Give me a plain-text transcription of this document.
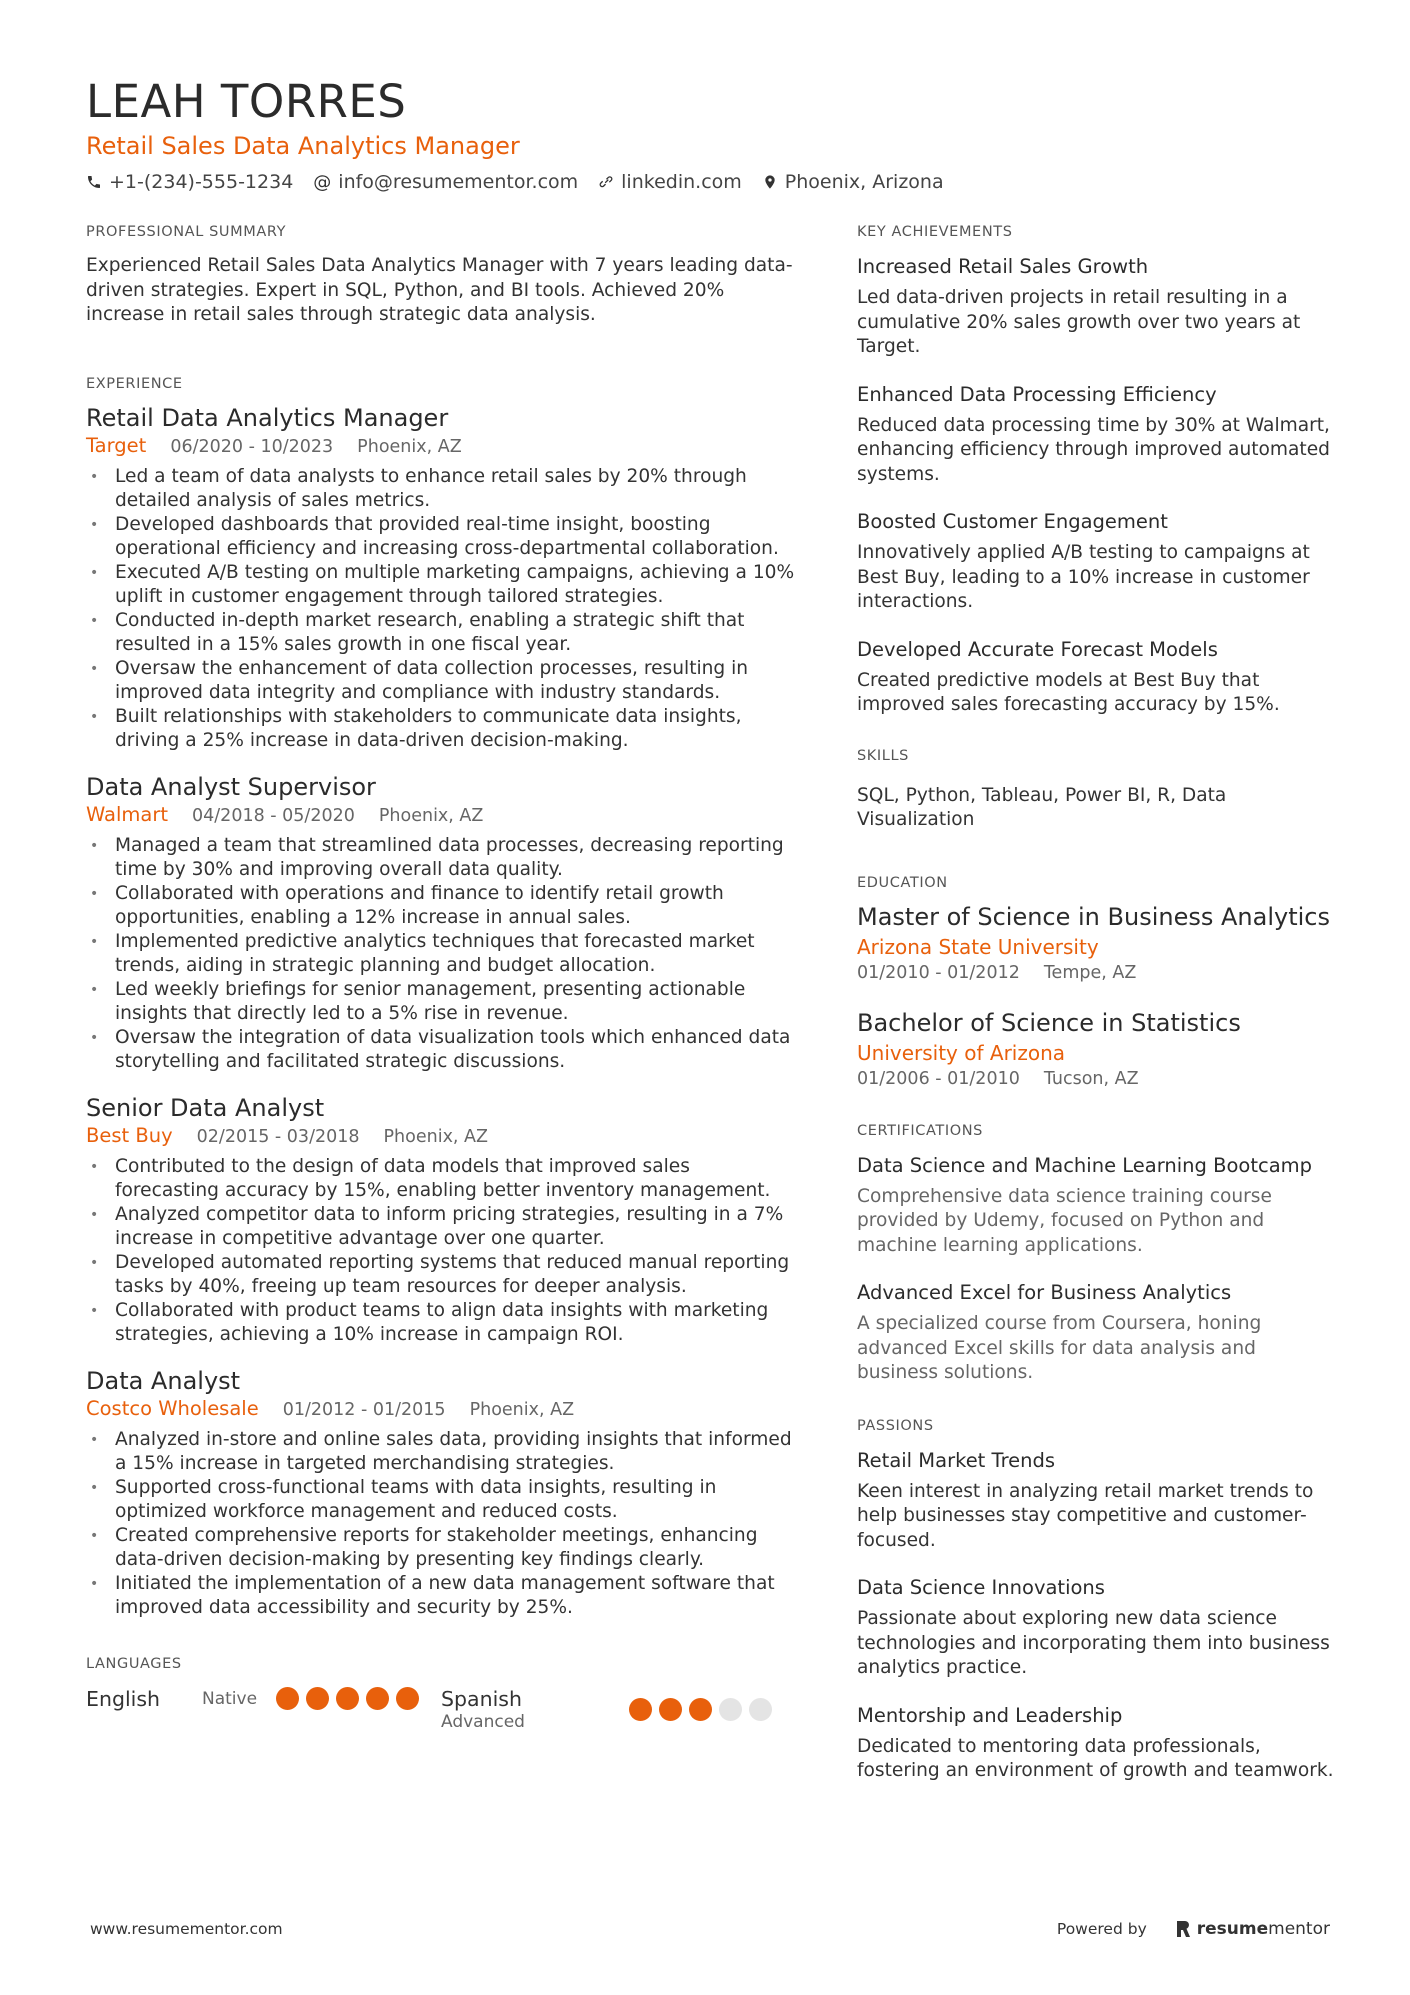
LEAH TORRES
Retail Sales Data Analytics Manager
+1-(234)-555-1234 @ info@resumementor.com linkedin.com Phoenix, Arizona
PROFESSIONAL SUMMARY
Experienced Retail Sales Data Analytics Manager with 7 years leading data-driven strategies. Expert in SQL, Python, and BI tools. Achieved 20% increase in retail sales through strategic data analysis.
EXPERIENCE
Retail Data Analytics Manager
Target 06/2020 - 10/2023 Phoenix, AZ
• Led a team of data analysts to enhance retail sales by 20% through detailed analysis of sales metrics.
• Developed dashboards that provided real-time insight, boosting operational efficiency and increasing cross-departmental collaboration.
• Executed A/B testing on multiple marketing campaigns, achieving a 10% uplift in customer engagement through tailored strategies.
• Conducted in-depth market research, enabling a strategic shift that resulted in a 15% sales growth in one fiscal year.
• Oversaw the enhancement of data collection processes, resulting in improved data integrity and compliance with industry standards.
• Built relationships with stakeholders to communicate data insights, driving a 25% increase in data-driven decision-making.
Data Analyst Supervisor
Walmart 04/2018 - 05/2020 Phoenix, AZ
• Managed a team that streamlined data processes, decreasing reporting time by 30% and improving overall data quality.
• Collaborated with operations and finance to identify retail growth opportunities, enabling a 12% increase in annual sales.
• Implemented predictive analytics techniques that forecasted market trends, aiding in strategic planning and budget allocation.
• Led weekly briefings for senior management, presenting actionable insights that directly led to a 5% rise in revenue.
• Oversaw the integration of data visualization tools which enhanced data storytelling and facilitated strategic discussions.
Senior Data Analyst
Best Buy 02/2015 - 03/2018 Phoenix, AZ
• Contributed to the design of data models that improved sales forecasting accuracy by 15%, enabling better inventory management.
• Analyzed competitor data to inform pricing strategies, resulting in a 7% increase in competitive advantage over one quarter.
• Developed automated reporting systems that reduced manual reporting tasks by 40%, freeing up team resources for deeper analysis.
• Collaborated with product teams to align data insights with marketing strategies, achieving a 10% increase in campaign ROI.
Data Analyst
Costco Wholesale 01/2012 - 01/2015 Phoenix, AZ
• Analyzed in-store and online sales data, providing insights that informed a 15% increase in targeted merchandising strategies.
• Supported cross-functional teams with data insights, resulting in optimized workforce management and reduced costs.
• Created comprehensive reports for stakeholder meetings, enhancing data-driven decision-making by presenting key findings clearly.
• Initiated the implementation of a new data management software that improved data accessibility and security by 25%.
LANGUAGES
English	Native	Spanish
Advanced
KEY ACHIEVEMENTS
Increased Retail Sales Growth
Led data-driven projects in retail resulting in a cumulative 20% sales growth over two years at Target.
Enhanced Data Processing Efficiency
Reduced data processing time by 30% at Walmart, enhancing efficiency through improved automated systems.
Boosted Customer Engagement
Innovatively applied A/B testing to campaigns at Best Buy, leading to a 10% increase in customer interactions.
Developed Accurate Forecast Models
Created predictive models at Best Buy that improved sales forecasting accuracy by 15%.
SKILLS
SQL, Python, Tableau, Power BI, R, Data Visualization
EDUCATION
Master of Science in Business Analytics
Arizona State University
01/2010 - 01/2012 Tempe, AZ
Bachelor of Science in Statistics
University of Arizona
01/2006 - 01/2010 Tucson, AZ
CERTIFICATIONS
Data Science and Machine Learning Bootcamp
Comprehensive data science training course provided by Udemy, focused on Python and machine learning applications.
Advanced Excel for Business Analytics
A specialized course from Coursera, honing advanced Excel skills for data analysis and business solutions.
PASSIONS
Retail Market Trends
Keen interest in analyzing retail market trends to help businesses stay competitive and customer-focused.
Data Science Innovations
Passionate about exploring new data science technologies and incorporating them into business analytics practice.
Mentorship and Leadership
Dedicated to mentoring data professionals, fostering an environment of growth and teamwork.
www.resumementor.com	Powered by	resume mentor
